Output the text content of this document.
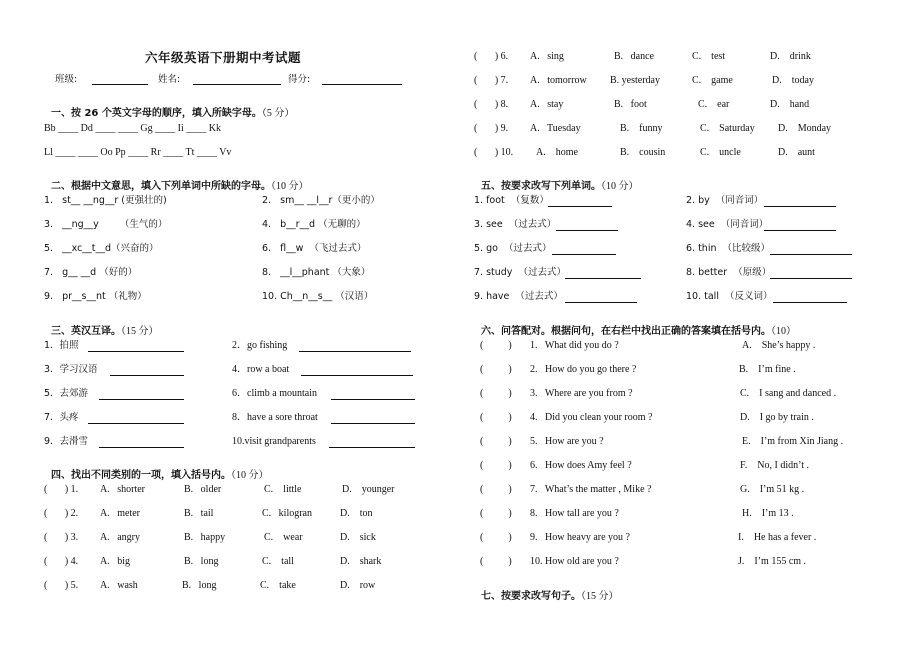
六年级英语下册期中考试题
班级:	姓名:	得分:

一、按 26 个英文字母的顺序，填入所缺字母。（5 分）

Bb ____ Dd ____ ____ Gg ____ Ii ____ Kk
Ll ____ ____ Oo Pp ____ Rr ____ Tt ____ Vv

二、根据中文意思，填入下列单词中所缺的字母。（10 分）

1.   st__ __ng__r (更强壮的)	2.   sm__ __l__r（更小的）
3.   __ng__y       （生气的）	4.   b__r__d （无聊的）
5.   __xc__t__d（兴奋的）	6.   fl__w  （飞过去式）
7.   g__ __d （好的）	8.   __l__phant （大象）
9.   pr__s__nt （礼物）	10. Ch__n__s__ （汉语）

三、英汉互译。（15 分）

1．拍照	2．go fishing
3．学习汉语	4．row a boat
5．去郊游	6．climb a mountain
7．头疼	8．have a sore throat
9．去滑雪	10.visit grandparents

四、找出不同类别的一项，填入括号内。（10 分）

(       ) 1. A.   shorter	B.   older	C.    little	D.    younger
(       ) 2. A.   meter	B.   tail	C.   kilogran	D.    ton
(       ) 3. A.   angry	B.   happy	C.    wear	D.    sick
(       ) 4. A.   big	B.   long	C.    tall	D.    shark
(       ) 5. A.   wash	B.   long	C.    take	D.    row
(       ) 6. A.   sing	B.   dance	C.    test	D.    drink
(       ) 7. A.   tomorrow B. yesterday	C.    game	D.    today
(       ) 8. A.   stay	B.   foot	C.    ear	D.    hand
(       ) 9. A.   Tuesday	B.    funny	C.    Saturday D.    Monday
(       ) 10. A.    home	B.    cousin	C.    uncle	D.    aunt

五、按要求改写下列单词。（10 分）

1. foot  （复数）	2. by  （同音词）
3. see  （过去式）	4. see  （同音词）
5. go  （过去式）	6. thin  （比较级）
7. study  （过去式）	8. better  （原级）
9. have  （过去式）	10. tall  （反义词）

六、问答配对。根据问句，在右栏中找出正确的答案填在括号内。（10）

(          ) 1.   What did you do ?	A.    She’s happy .
(          ) 2.   How do you go there ?	B.    I’m fine .
(          ) 3.   Where are you from ?	C.    I sang and danced .
(          ) 4.   Did you clean your room ?	D.    I go by train .
(          ) 5.   How are you ?	E.    I’m from Xin Jiang .
(          ) 6.   How does Amy feel ?	F.    No, I didn’t .
(          ) 7.   What’s the matter , Mike ?	G.    I’m 51 kg .
(          ) 8.   How tall are you ?	H.    I’m 13 .
(          ) 9.   How heavy are you ?	I.    He has a fever .
(          ) 10. How old are you ?	J.    I’m 155 cm .

七、按要求改写句子。（15 分）
